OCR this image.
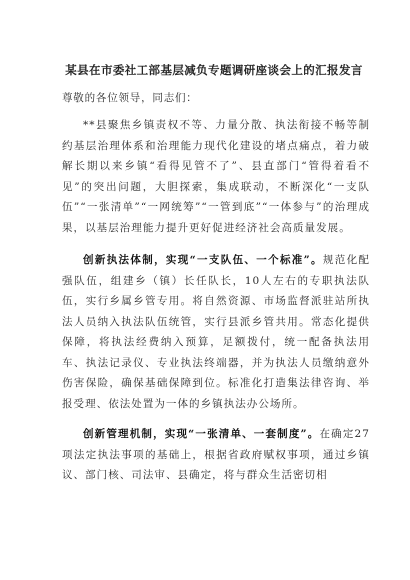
某县在市委社工部基层减负专题调研座谈会上的汇报发言
尊敬的各位领导，同志们：

**县聚焦乡镇责权不等、力量分散、执法衔接不畅等制约基层治理体系和治理能力现代化建设的堵点痛点，着力破解长期以来乡镇“看得见管不了”、县直部门“管得着看不见”的突出问题，大胆探索，集成联动，不断深化“一支队伍”“一张清单”“一网统筹”“一管到底”“一体参与”的治理成果，以基层治理能力提升更好促进经济社会高质量发展。

创新执法体制，实现“一支队伍、一个标准”。规范化配强队伍，组建乡（镇）长任队长，10人左右的专职执法队伍，实行乡属乡管专用。将自然资源、市场监督派驻站所执法人员纳入执法队伍统管，实行县派乡管共用。常态化提供保障，将执法经费纳入预算，足额拨付，统一配备执法用车、执法记录仪、专业执法终端器，并为执法人员缴纳意外伤害保险，确保基础保障到位。标准化打造集法律咨询、举报受理、依法处置为一体的乡镇执法办公场所。

创新管理机制，实现“一张清单、一套制度”。在确定27项法定执法事项的基础上，根据省政府赋权事项，通过乡镇议、部门核、司法审、县确定，将与群众生活密切相
